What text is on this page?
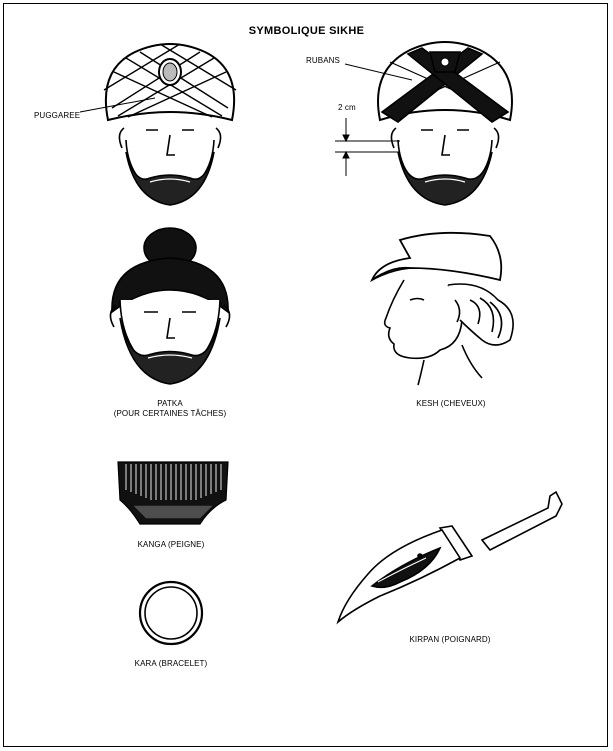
SYMBOLIQUE SIKHE
PUGGAREE
RUBANS
2 cm
PATKA
(POUR CERTAINES TÂCHES)
KESH (CHEVEUX)
KANGA (PEIGNE)
KARA (BRACELET)
KIRPAN (POIGNARD)
